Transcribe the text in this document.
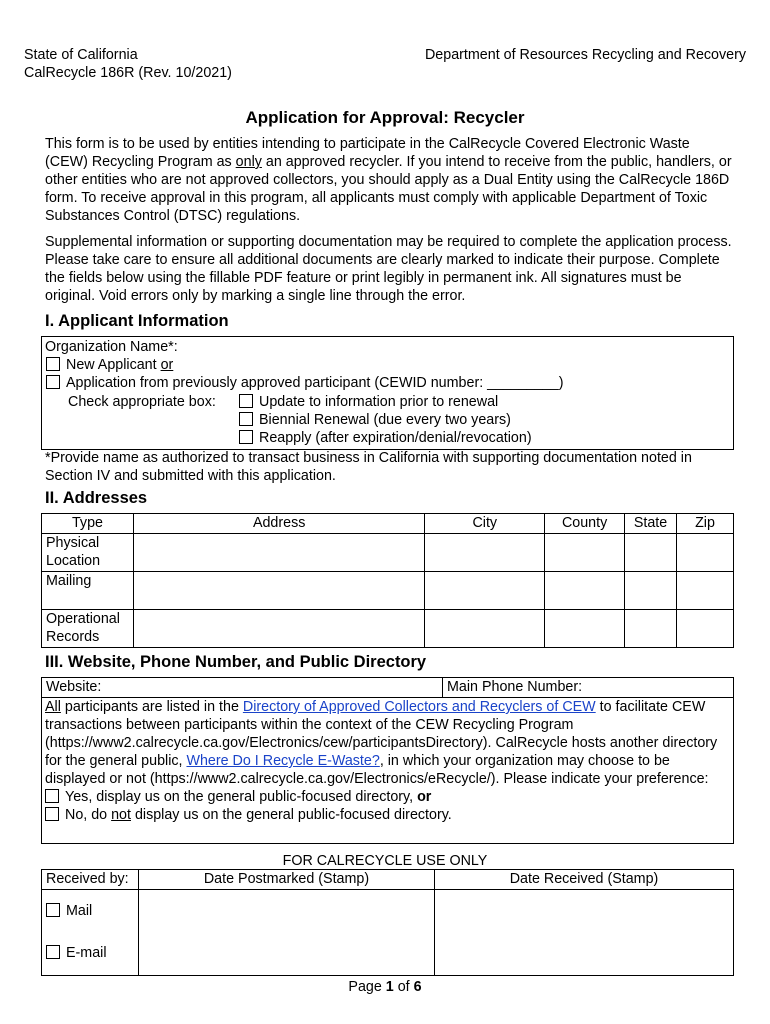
State of California
CalRecycle 186R (Rev. 10/2021)
Department of Resources Recycling and Recovery
Application for Approval: Recycler
This form is to be used by entities intending to participate in the CalRecycle Covered Electronic Waste (CEW) Recycling Program as only an approved recycler. If you intend to receive from the public, handlers, or other entities who are not approved collectors, you should apply as a Dual Entity using the CalRecycle 186D form. To receive approval in this program, all applicants must comply with applicable Department of Toxic Substances Control (DTSC) regulations.
Supplemental information or supporting documentation may be required to complete the application process. Please take care to ensure all additional documents are clearly marked to indicate their purpose. Complete the fields below using the fillable PDF feature or print legibly in permanent ink. All signatures must be original. Void errors only by marking a single line through the error.
I. Applicant Information
Organization Name*:
New Applicant or
Application from previously approved participant (CEWID number: _________)
Check appropriate box:	Update to information prior to renewal
Biennial Renewal (due every two years)
Reapply (after expiration/denial/revocation)
*Provide name as authorized to transact business in California with supporting documentation noted in Section IV and submitted with this application.
II. Addresses
Type	Address	City	County	State	Zip
Physical Location					
Mailing					
Operational Records					
III. Website, Phone Number, and Public Directory
Website:	Main Phone Number:

All participants are listed in the Directory of Approved Collectors and Recyclers of CEW to facilitate CEW transactions between participants within the context of the CEW Recycling Program (https://www2.calrecycle.ca.gov/Electronics/cew/participantsDirectory). CalRecycle hosts another directory for the general public, Where Do I Recycle E-Waste?, in which your organization may choose to be displayed or not (https://www2.calrecycle.ca.gov/Electronics/eRecycle/). Please indicate your preference:
Yes, display us on the general public-focused directory, or
No, do not display us on the general public-focused directory.
FOR CALRECYCLE USE ONLY
Received by:	Date Postmarked (Stamp)	Date Received (Stamp)

Mail
E-mail		

Page 1 of 6
